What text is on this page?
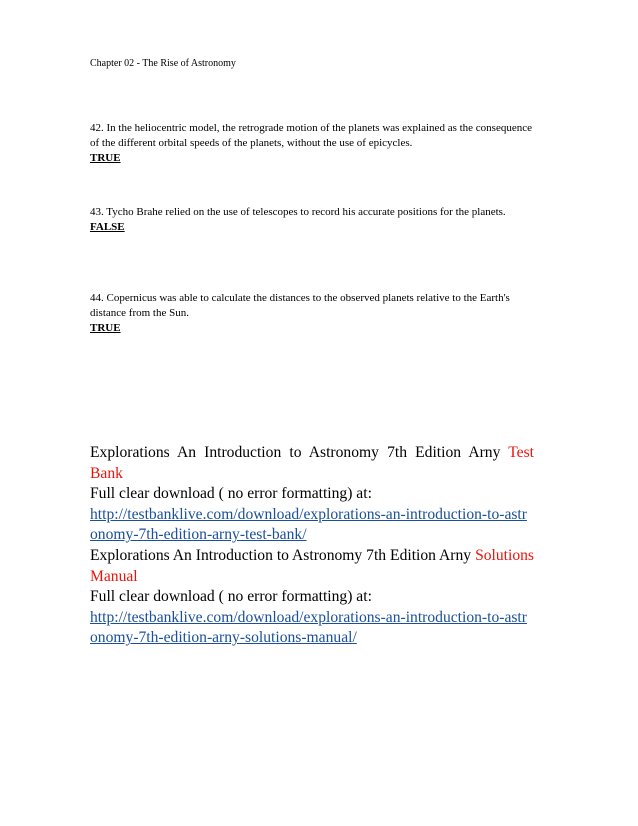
Chapter 02 - The Rise of Astronomy
42. In the heliocentric model, the retrograde motion of the planets was explained as the consequence of the different orbital speeds of the planets, without the use of epicycles.
TRUE
43. Tycho Brahe relied on the use of telescopes to record his accurate positions for the planets.
FALSE
44. Copernicus was able to calculate the distances to the observed planets relative to the Earth's distance from the Sun.
TRUE
Explorations An Introduction to Astronomy 7th Edition Arny Test Bank
Full clear download ( no error formatting) at:
http://testbanklive.com/download/explorations-an-introduction-to-astronomy-7th-edition-arny-test-bank/
Explorations An Introduction to Astronomy 7th Edition Arny Solutions Manual
Full clear download ( no error formatting) at:
http://testbanklive.com/download/explorations-an-introduction-to-astronomy-7th-edition-arny-solutions-manual/
